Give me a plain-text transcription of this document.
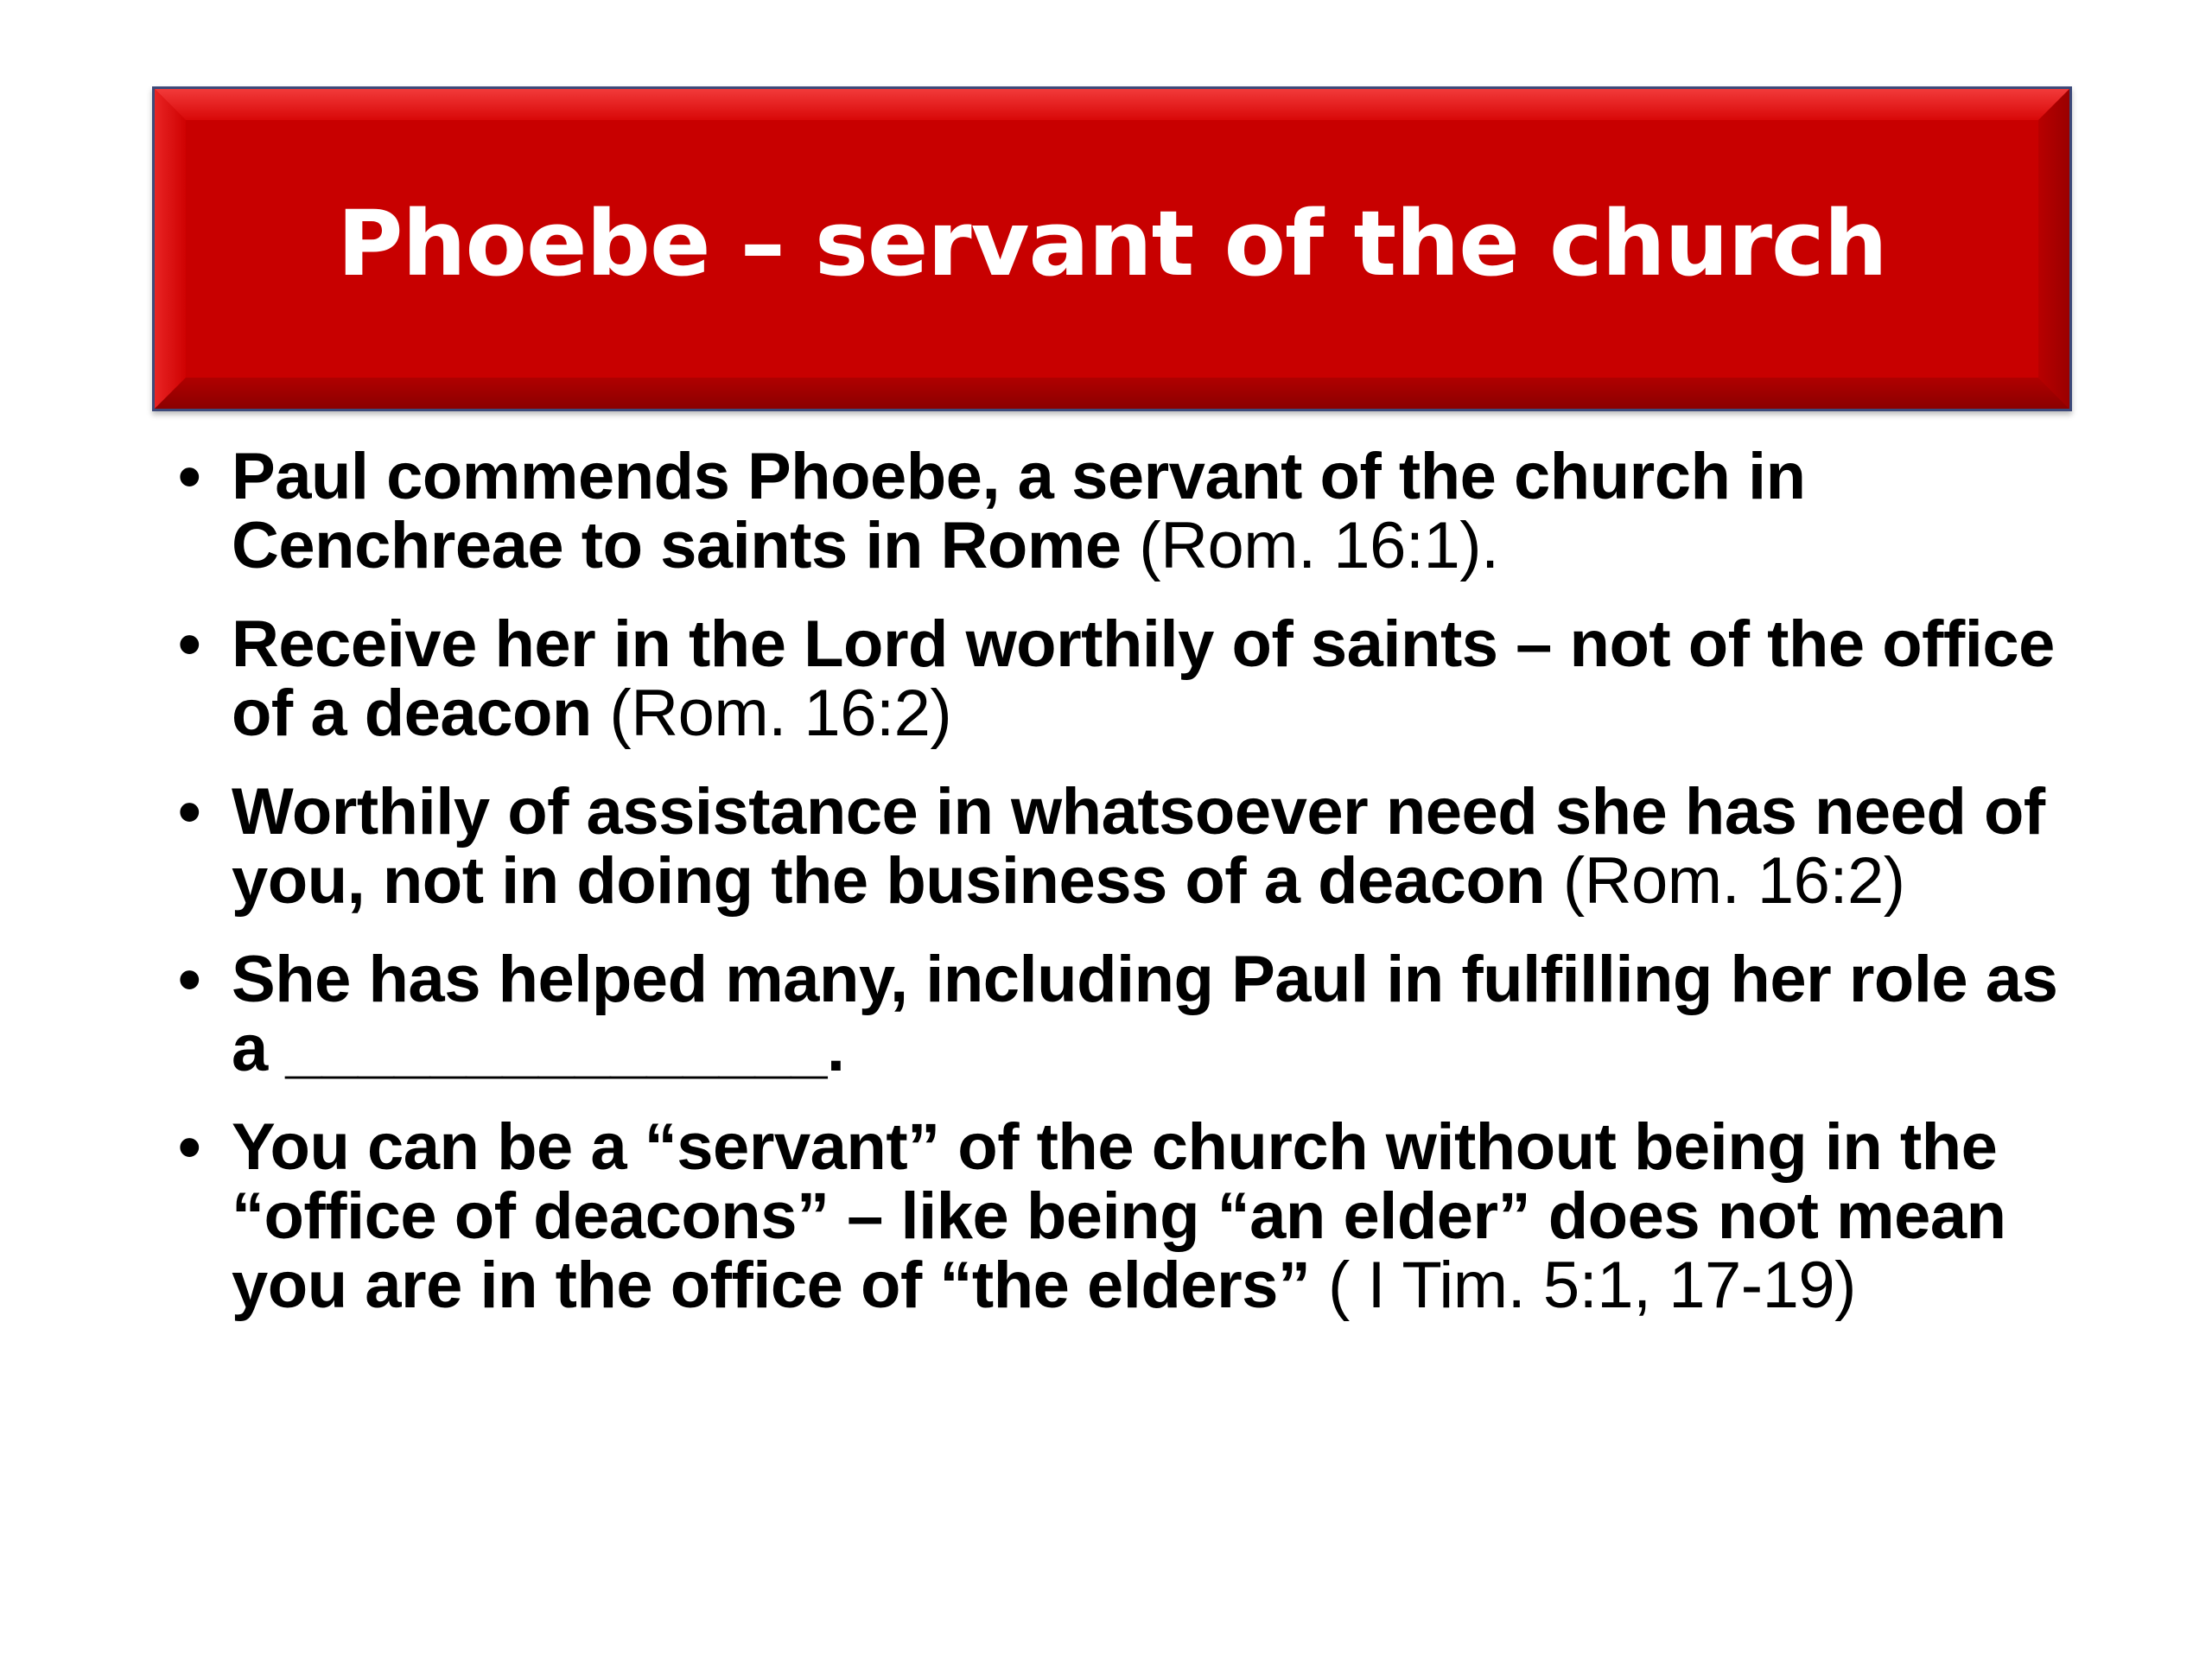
Phoebe – servant of the church
• Paul commends Phoebe, a servant of the church in Cenchreae to saints in Rome (Rom. 16:1).
• Receive her in the Lord worthily of saints – not of the office of a deacon (Rom. 16:2)
• Worthily of assistance in whatsoever need she has need of you, not in doing the business of a deacon (Rom. 16:2)
• She has helped many, including Paul in fulfilling her role as a _______________.
• You can be a “servant” of the church without being in the “office of deacons” – like being “an elder” does not mean you are in the office of “the elders” ( I Tim. 5:1, 17-19)
